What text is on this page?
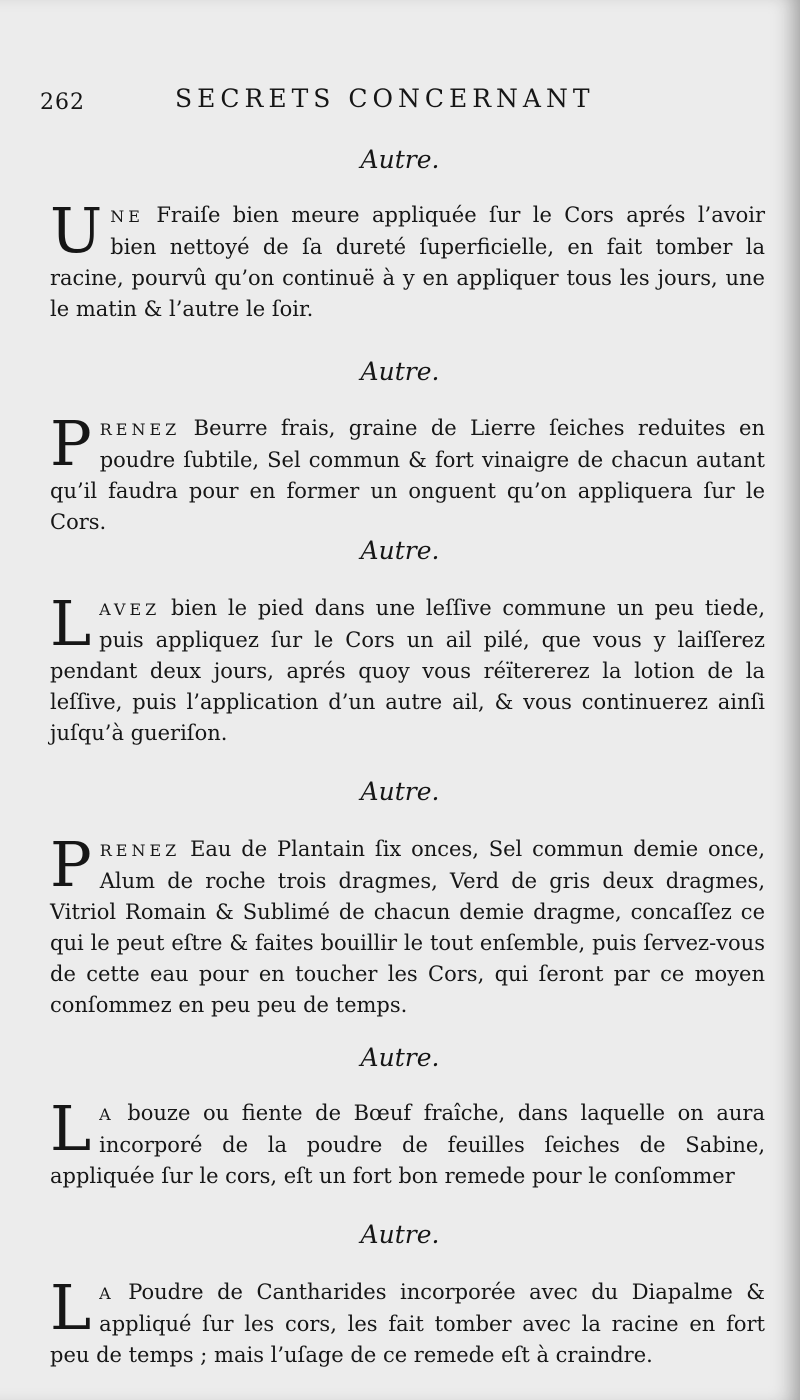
262	SECRETS CONCERNANT
Autre.
UNE Fraiſe bien meure appliquée ſur le Cors aprés l’avoir bien nettoyé de ſa dureté ſuperficielle, en fait tomber la racine, pourvû qu’on continuë à y en appliquer tous les jours, une le matin & l’autre le ſoir.
Autre.
PRENEZ Beurre frais, graine de Lierre ſeiches reduites en poudre ſubtile, Sel commun & fort vinaigre de chacun autant qu’il faudra pour en former un onguent qu’on appliquera ſur le Cors.
Autre.
LAVEZ bien le pied dans une leſſive commune un peu tiede, puis appliquez ſur le Cors un ail pilé, que vous y laiſſerez pendant deux jours, aprés quoy vous réïtererez la lotion de la leſſive, puis l’application d’un autre ail, & vous continuerez ainſi juſqu’à gueriſon.
Autre.
PRENEZ Eau de Plantain ſix onces, Sel commun demie once, Alum de roche trois dragmes, Verd de gris deux dragmes, Vitriol Romain & Sublimé de chacun demie dragme, concaſſez ce qui le peut eſtre & faites bouillir le tout enſemble, puis ſervez-vous de cette eau pour en toucher les Cors, qui ſeront par ce moyen conſommez en peu peu de temps.
Autre.
L A bouze ou fiente de Bœuf fraîche, dans laquelle on aura incorporé de la poudre de feuilles ſeiches de Sabine, appliquée ſur le cors, eſt un fort bon remede pour le conſommer
Autre.
L A Poudre de Cantharides incorporée avec du Diapalme & appliqué ſur les cors, les fait tomber avec la racine en fort peu de temps ; mais l’uſage de ce remede eſt à craindre.
